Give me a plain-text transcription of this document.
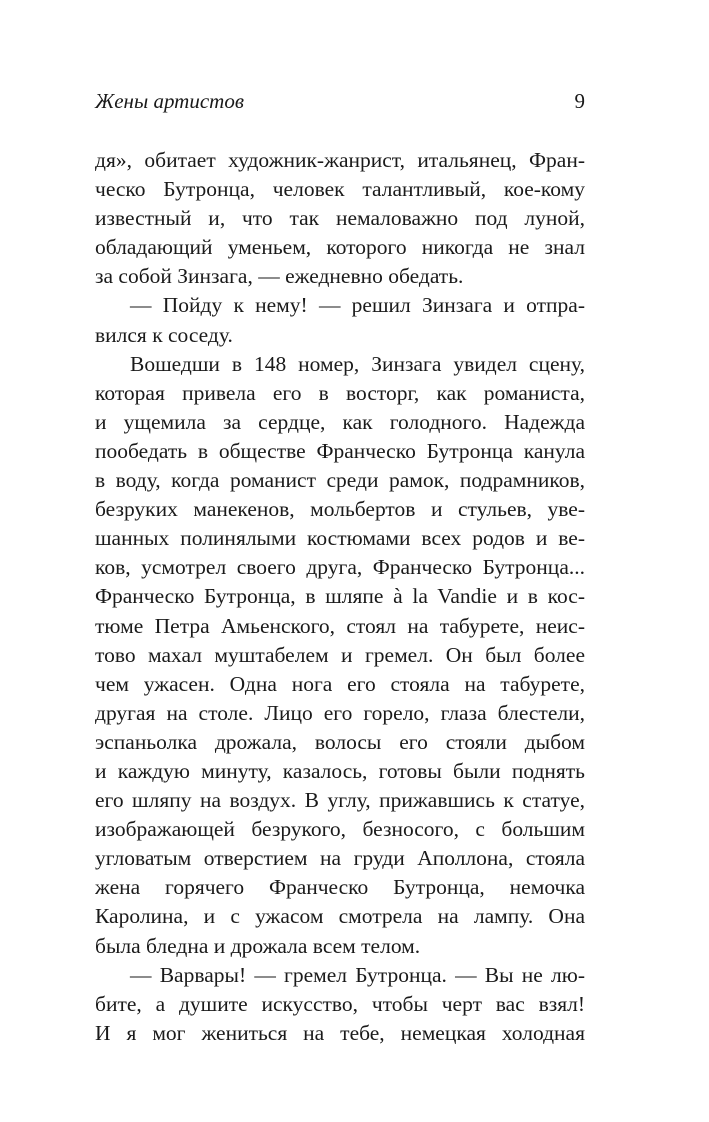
Жены артистов	9
дя», обитает художник-жанрист, итальянец, Фран-
ческо Бутронца, человек талантливый, кое-кому
известный и, что так немаловажно под луной,
обладающий уменьем, которого никогда не знал
за собой Зинзага, — ежедневно обедать.
— Пойду к нему! — решил Зинзага и отпра-
вился к соседу.
Вошедши в 148 номер, Зинзага увидел сцену,
которая привела его в восторг, как романиста,
и ущемила за сердце, как голодного. Надежда
пообедать в обществе Франческо Бутронца канула
в воду, когда романист среди рамок, подрамников,
безруких манекенов, мольбертов и стульев, уве-
шанных полинялыми костюмами всех родов и ве-
ков, усмотрел своего друга, Франческо Бутронца...
Франческо Бутронца, в шляпе à la Vandie и в кос-
тюме Петра Амьенского, стоял на табурете, неис-
тово махал муштабелем и гремел. Он был более
чем ужасен. Одна нога его стояла на табурете,
другая на столе. Лицо его горело, глаза блестели,
эспаньолка дрожала, волосы его стояли дыбом
и каждую минуту, казалось, готовы были поднять
его шляпу на воздух. В углу, прижавшись к статуе,
изображающей безрукого, безносого, с большим
угловатым отверстием на груди Аполлона, стояла
жена горячего Франческо Бутронца, немочка
Каролина, и с ужасом смотрела на лампу. Она
была бледна и дрожала всем телом.
— Варвары! — гремел Бутронца. — Вы не лю-
бите, а душите искусство, чтобы черт вас взял!
И я мог жениться на тебе, немецкая холодная
